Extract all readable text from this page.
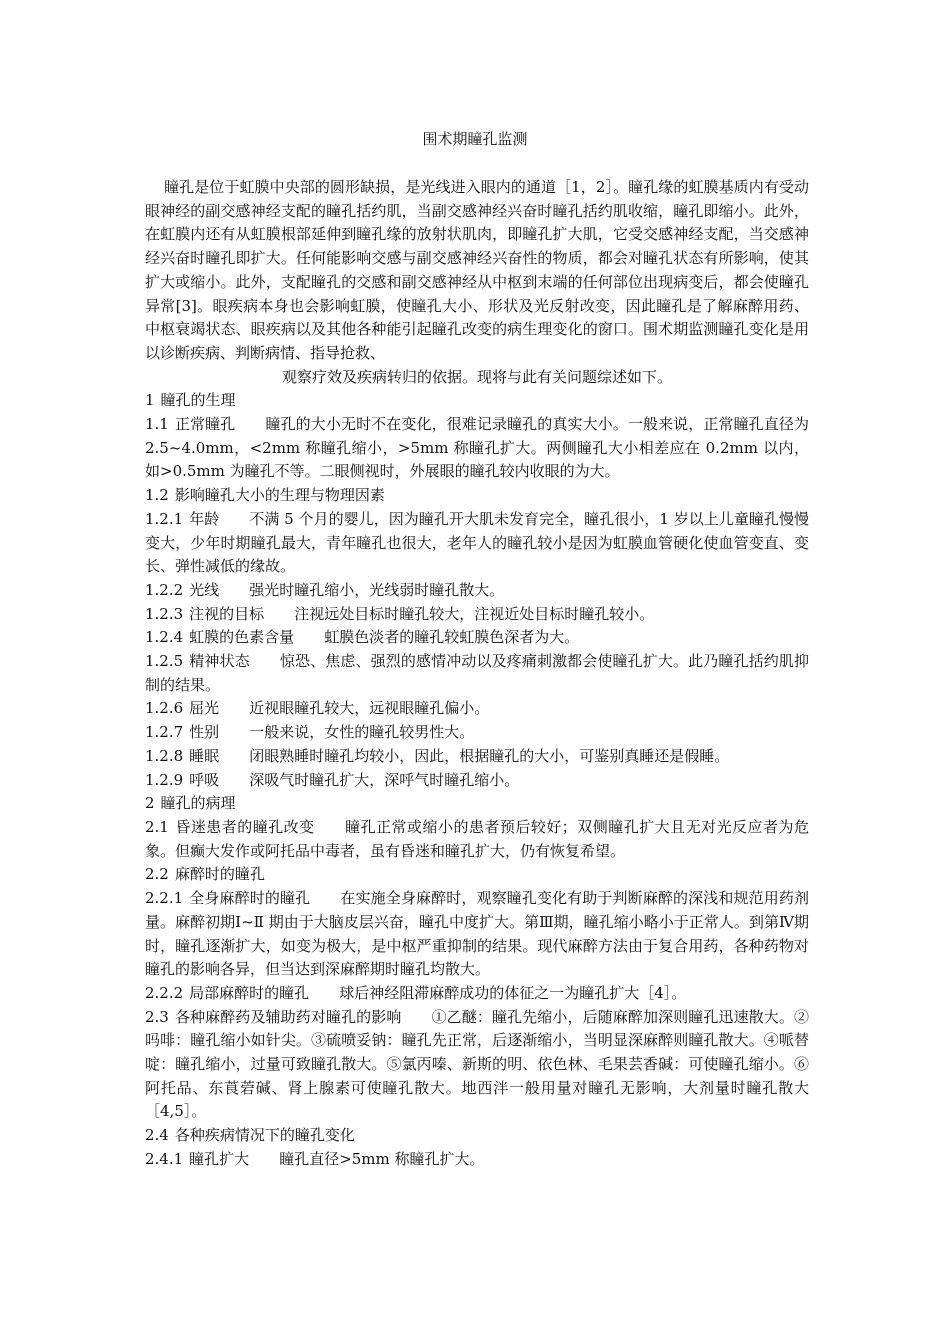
围术期瞳孔监测

瞳孔是位于虹膜中央部的圆形缺损，是光线进入眼内的通道［1，2］。瞳孔缘的虹膜基质内有受动眼神经的副交感神经支配的瞳孔括约肌，当副交感神经兴奋时瞳孔括约肌收缩，瞳孔即缩小。此外，在虹膜内还有从虹膜根部延伸到瞳孔缘的放射状肌肉，即瞳孔扩大肌，它受交感神经支配，当交感神经兴奋时瞳孔即扩大。任何能影响交感与副交感神经兴奋性的物质，都会对瞳孔状态有所影响，使其扩大或缩小。此外，支配瞳孔的交感和副交感神经从中枢到末端的任何部位出现病变后，都会使瞳孔异常[3]。眼疾病本身也会影响虹膜，使瞳孔大小、形状及光反射改变，因此瞳孔是了解麻醉用药、中枢衰竭状态、眼疾病以及其他各种能引起瞳孔改变的病生理变化的窗口。围术期监测瞳孔变化是用以诊断疾病、判断病情、指导抢救、

观察疗效及疾病转归的依据。现将与此有关问题综述如下。

1 瞳孔的生理

1.1 正常瞳孔 瞳孔的大小无时不在变化，很难记录瞳孔的真实大小。一般来说，正常瞳孔直径为 2.5~4.0mm，<2mm 称瞳孔缩小，>5mm 称瞳孔扩大。两侧瞳孔大小相差应在 0.2mm 以内，如>0.5mm 为瞳孔不等。二眼侧视时，外展眼的瞳孔较内收眼的为大。

1.2 影响瞳孔大小的生理与物理因素

1.2.1 年龄 不满 5 个月的婴儿，因为瞳孔开大肌未发育完全，瞳孔很小，1 岁以上儿童瞳孔慢慢变大，少年时期瞳孔最大，青年瞳孔也很大，老年人的瞳孔较小是因为虹膜血管硬化使血管变直、变长、弹性减低的缘故。

1.2.2 光线 强光时瞳孔缩小，光线弱时瞳孔散大。

1.2.3 注视的目标 注视远处目标时瞳孔较大，注视近处目标时瞳孔较小。

1.2.4 虹膜的色素含量 虹膜色淡者的瞳孔较虹膜色深者为大。

1.2.5 精神状态 惊恐、焦虑、强烈的感情冲动以及疼痛刺激都会使瞳孔扩大。此乃瞳孔括约肌抑制的结果。

1.2.6 屈光 近视眼瞳孔较大，远视眼瞳孔偏小。

1.2.7 性别 一般来说，女性的瞳孔较男性大。

1.2.8 睡眠 闭眼熟睡时瞳孔均较小，因此，根据瞳孔的大小，可鉴别真睡还是假睡。

1.2.9 呼吸 深吸气时瞳孔扩大，深呼气时瞳孔缩小。

2 瞳孔的病理

2.1 昏迷患者的瞳孔改变 瞳孔正常或缩小的患者预后较好；双侧瞳孔扩大且无对光反应者为危象。但癫大发作或阿托品中毒者，虽有昏迷和瞳孔扩大，仍有恢复希望。

2.2 麻醉时的瞳孔

2.2.1 全身麻醉时的瞳孔 在实施全身麻醉时，观察瞳孔变化有助于判断麻醉的深浅和规范用药剂量。麻醉初期Ⅰ~Ⅱ 期由于大脑皮层兴奋，瞳孔中度扩大。第Ⅲ期，瞳孔缩小略小于正常人。到第Ⅳ期时，瞳孔逐渐扩大，如变为极大，是中枢严重抑制的结果。现代麻醉方法由于复合用药，各种药物对瞳孔的影响各异，但当达到深麻醉期时瞳孔均散大。

2.2.2 局部麻醉时的瞳孔 球后神经阻滞麻醉成功的体征之一为瞳孔扩大［4］。

2.3 各种麻醉药及辅助药对瞳孔的影响 ①乙醚：瞳孔先缩小，后随麻醉加深则瞳孔迅速散大。②吗啡：瞳孔缩小如针尖。③硫喷妥钠：瞳孔先正常，后逐渐缩小，当明显深麻醉则瞳孔散大。④哌替啶：瞳孔缩小，过量可致瞳孔散大。⑤氯丙嗪、新斯的明、依色林、毛果芸香碱：可使瞳孔缩小。⑥阿托品、东莨菪碱、肾上腺素可使瞳孔散大。地西泮一般用量对瞳孔无影响，大剂量时瞳孔散大［4,5］。

2.4 各种疾病情况下的瞳孔变化

2.4.1 瞳孔扩大 瞳孔直径>5mm 称瞳孔扩大。
